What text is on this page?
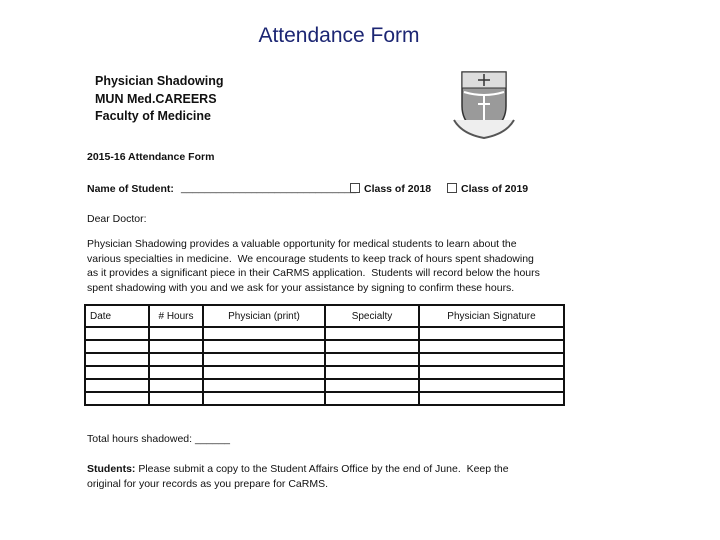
Attendance Form
Physician Shadowing
MUN Med.CAREERS
Faculty of Medicine
2015-16 Attendance Form
Name of Student: ______________________________ Class of 2018	Class of 2019
Dear Doctor:
Physician Shadowing provides a valuable opportunity for medical students to learn about the
various specialties in medicine.  We encourage students to keep track of hours spent shadowing
as it provides a significant piece in their CaRMS application.  Students will record below the hours
spent shadowing with you and we ask for your assistance by signing to confirm these hours.
Date	# Hours	Physician (print)	Specialty	Physician Signature

Total hours shadowed: ______
Students: Please submit a copy to the Student Affairs Office by the end of June.  Keep the
original for your records as you prepare for CaRMS.
